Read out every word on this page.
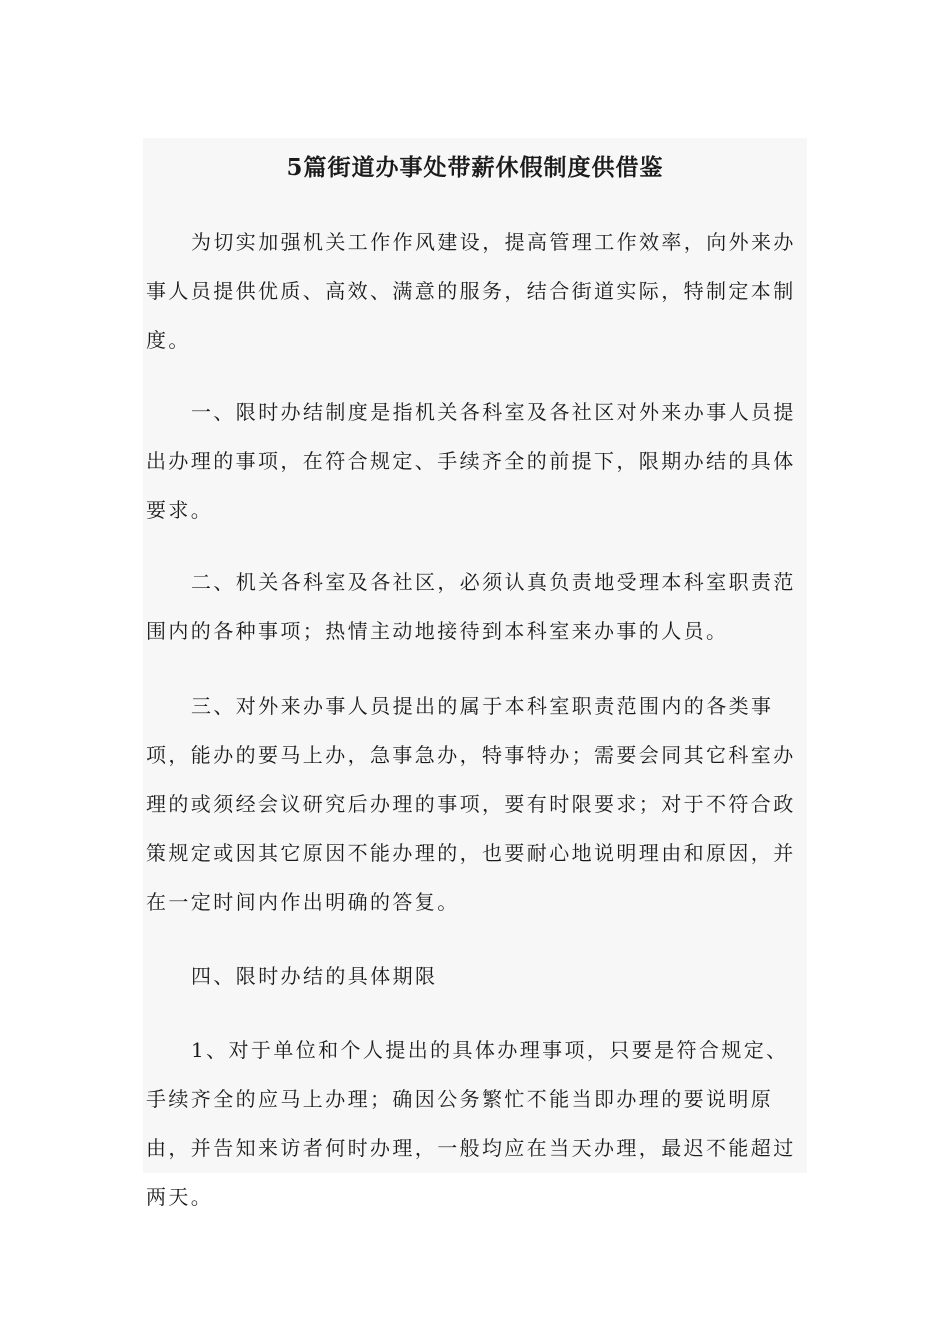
5篇街道办事处带薪休假制度供借鉴

为切实加强机关工作作风建设，提高管理工作效率，向外来办事人员提供优质、高效、满意的服务，结合街道实际，特制定本制度。

一、限时办结制度是指机关各科室及各社区对外来办事人员提出办理的事项，在符合规定、手续齐全的前提下，限期办结的具体要求。

二、机关各科室及各社区，必须认真负责地受理本科室职责范围内的各种事项；热情主动地接待到本科室来办事的人员。

三、对外来办事人员提出的属于本科室职责范围内的各类事项，能办的要马上办，急事急办，特事特办；需要会同其它科室办理的或须经会议研究后办理的事项，要有时限要求；对于不符合政策规定或因其它原因不能办理的，也要耐心地说明理由和原因，并在一定时间内作出明确的答复。

四、限时办结的具体期限

1、对于单位和个人提出的具体办理事项，只要是符合规定、手续齐全的应马上办理；确因公务繁忙不能当即办理的要说明原由，并告知来访者何时办理，一般均应在当天办理，最迟不能超过两天。
